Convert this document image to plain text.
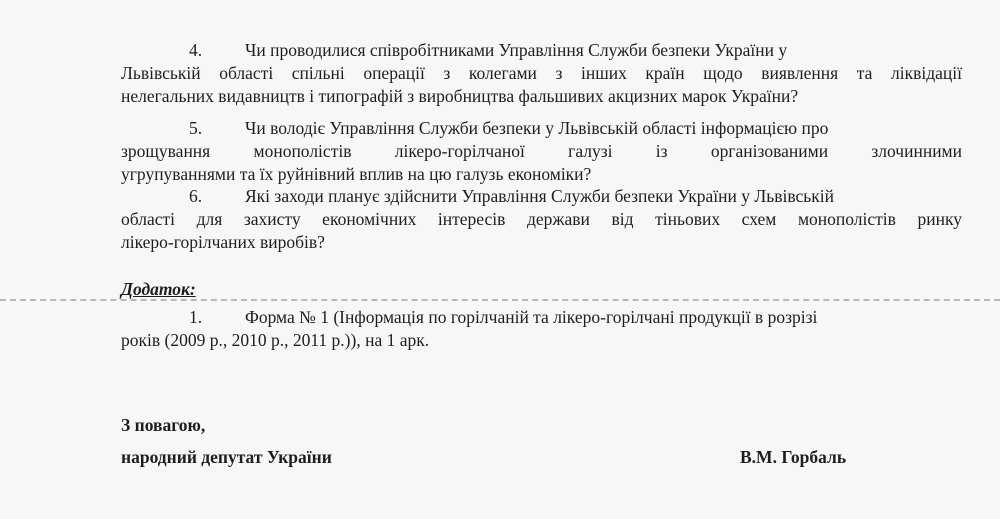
4. Чи проводилися співробітниками Управління Служби безпеки України у
Львівській області спільні операції з колегами з інших країн щодо виявлення та ліквідації
нелегальних видавництв і типографій з виробництва фальшивих акцизних марок України?
5. Чи володіє Управління Служби безпеки у Львівській області інформацією про
зрощування монополістів лікеро-горілчаної галузі із організованими злочинними
угрупуваннями та їх руйнівний вплив на цю галузь економіки?
6. Які заходи планує здійснити Управління Служби безпеки України у Львівській
області для захисту економічних інтересів держави від тіньових схем монополістів ринку
лікеро-горілчаних виробів?
Додаток:
1. Форма № 1 (Інформація по горілчаній та лікеро-горілчані продукції в розрізі
років (2009 р., 2010 р., 2011 р.)), на 1 арк.
З повагою,
народний депутат України	В.М. Горбаль
